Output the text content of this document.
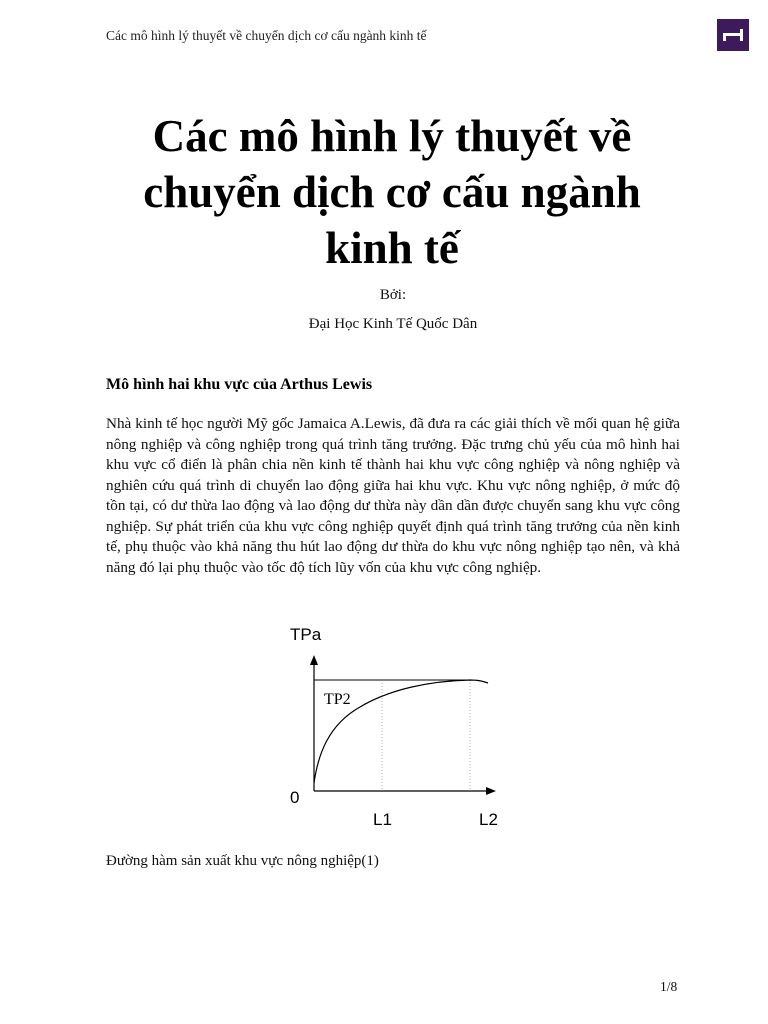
Các mô hình lý thuyết về chuyển dịch cơ cấu ngành kinh tế
Các mô hình lý thuyết về chuyển dịch cơ cấu ngành kinh tế
Bởi:
Đại Học Kinh Tế Quốc Dân
Mô hình hai khu vực của Arthus Lewis
Nhà kinh tế học người Mỹ gốc Jamaica A.Lewis, đã đưa ra các giải thích về mối quan hệ giữa nông nghiệp và công nghiệp trong quá trình tăng trưởng. Đặc trưng chủ yếu của mô hình hai khu vực cổ điển là phân chia nền kinh tế thành hai khu vực công nghiệp và nông nghiệp và nghiên cứu quá trình di chuyển lao động giữa hai khu vực. Khu vực nông nghiệp, ở mức độ tồn tại, có dư thừa lao động và lao động dư thừa này dần dần được chuyển sang khu vực công nghiệp. Sự phát triển của khu vực công nghiệp quyết định quá trình tăng trưởng của nền kinh tế, phụ thuộc vào khả năng thu hút lao động dư thừa do khu vực nông nghiệp tạo nên, và khả năng đó lại phụ thuộc vào tốc độ tích lũy vốn của khu vực công nghiệp.
TPa
TP2
0
L1	L2
Đường hàm sản xuất khu vực nông nghiệp(1)
1/8
